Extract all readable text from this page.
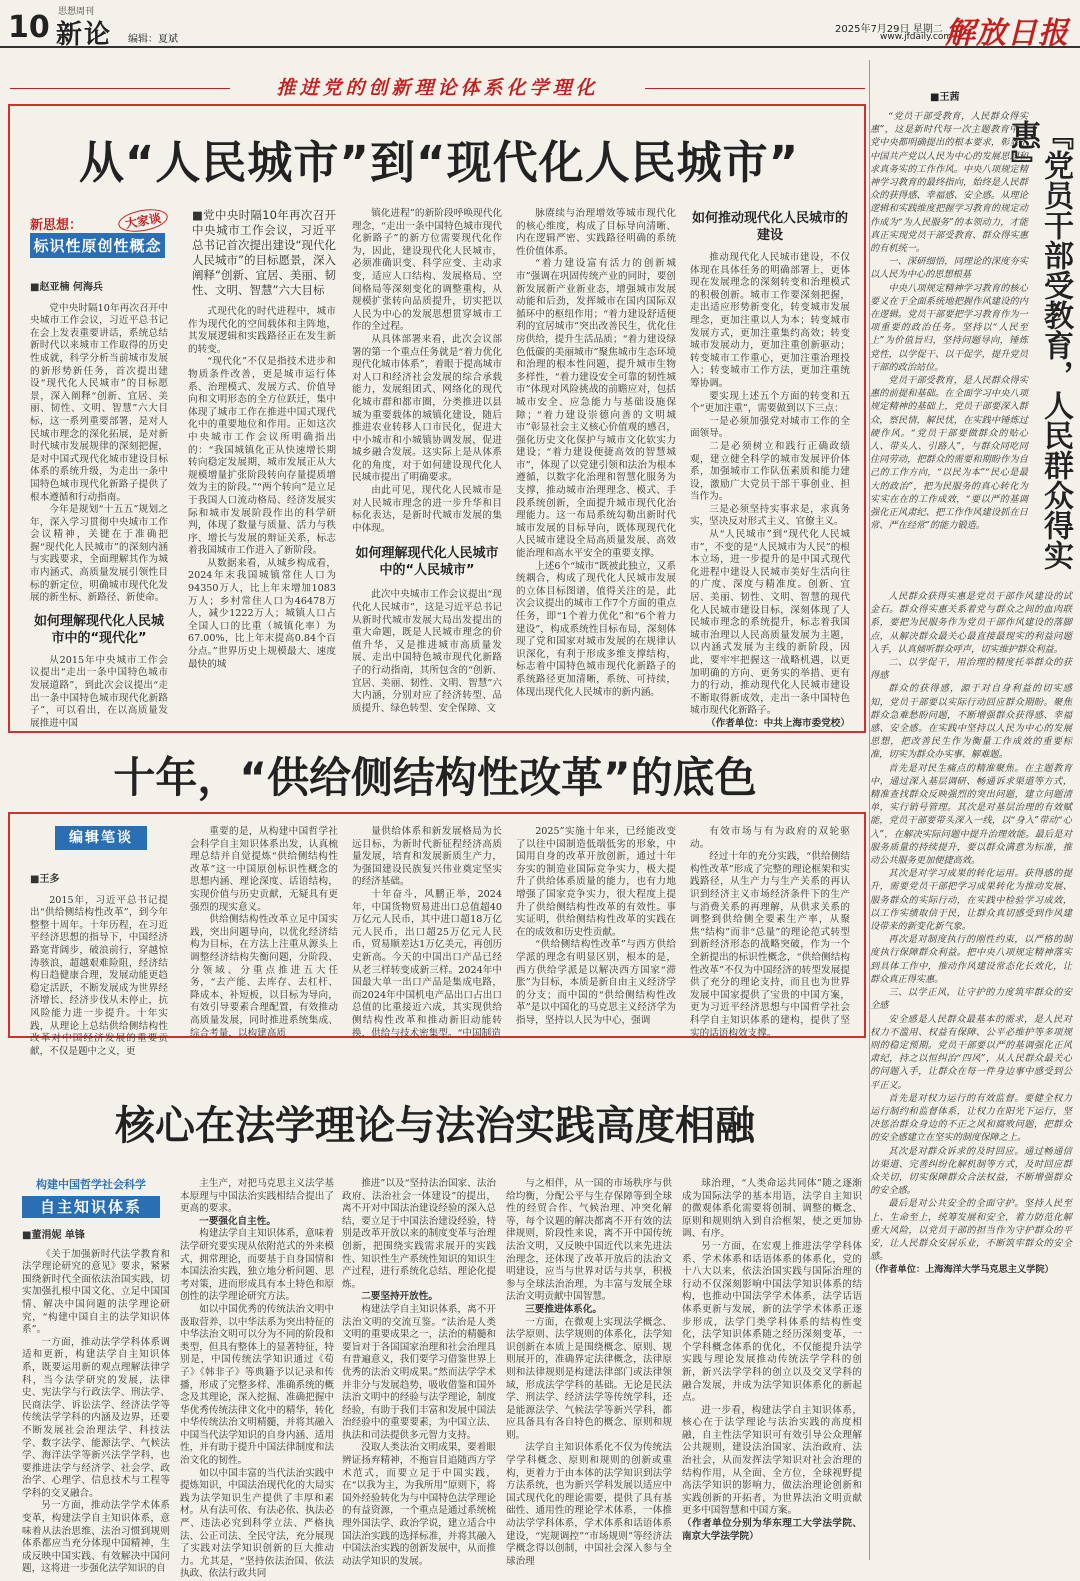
10 思想周刊
新论 编辑：夏斌
2025年7月29日 星期二
www.jfdaily.com
解放日报
推进党的创新理论体系化学理化
从“人民城市”到“现代化人民城市”
新思想：
标识性原创性概念
大家谈
■赵亚楠 何海兵

党中央时隔10年再次召开中央城市工作会议，习近平总书记在会上发表重要讲话，系统总结新时代以来城市工作取得的历史性成就，科学分析当前城市发展的新形势新任务，首次提出建设“现代化人民城市”的目标愿景，深入阐释“创新、宜居、美丽、韧性、文明、智慧”六大目标，这一系列重要部署，是对人民城市理念的深化拓展，是对新时代城市发展规律的深刻把握，是对中国式现代化城市建设目标体系的系统升级，为走出一条中国特色城市现代化新路子提供了根本遵循和行动指南。

今年是规划“十五五”规划之年，深入学习贯彻中央城市工作会议精神，关键在于准确把握“现代化人民城市”的深刻内涵与实践要求，全面理解其作为城市内涵式、高质量发展引领性目标的新定位，明确城市现代化发展的新坐标、新路径、新使命。

如何理解现代化人民城市中的“现代化”

从2015年中央城市工作会议提出“走出一条中国特色城市发展道路”，到此次会议提出“走出一条中国特色城市现代化新路子”，可以看出，在以高质量发展推进中国

■党中央时隔10年再次召开中央城市工作会议，习近平总书记首次提出建设“现代化人民城市”的目标愿景，深入阐释“创新、宜居、美丽、韧性、文明、智慧”六大目标

式现代化的时代进程中，城市作为现代化的空间载体和主阵地，其发展逻辑和实践路径正在发生新的转变。

“现代化”不仅是指技术进步和物质条件改善，更是城市运行体系、治理模式、发展方式、价值导向和文明形态的全方位跃迁，集中体现了城市工作在推进中国式现代化中的重要地位和作用。正如这次中央城市工作会议所明确指出的：“我国城镇化正从快速增长期转向稳定发展期，城市发展正从大规模增量扩张阶段转向存量提质增效为主的阶段。”“两个转向”是立足于我国人口流动格局、经济发展实际和城市发展阶段作出的科学研判，体现了数量与质量、活力与秩序、增长与发展的辩证关系，标志着我国城市工作进入了新阶段。

从数据来看，从城乡构成看，2024年末我国城镇常住人口为94350万人，比上年末增加1083万人；乡村常住人口为46478万人，减少1222万人；城镇人口占全国人口的比重（城镇化率）为67.00%，比上年末提高0.84个百分点。”世界历史上规模最大、速度最快的城

镇化进程”的新阶段呼唤现代化理念，“走出一条中国特色城市现代化新路子”的新方位需要现代化作为，因此，建设现代化人民城市，必须准确识变、科学应变、主动求变，适应人口结构、发展格局、空间格局等深刻变化的调整重构，从规模扩张转向品质提升，切实把以人民为中心的发展思想贯穿城市工作的全过程。

从具体部署来看，此次会议部署的第一个重点任务就是“着力优化现代化城市体系”，着眼于提高城市对人口和经济社会发展的综合承载能力，发展组团式、网络化的现代化城市群和都市圈，分类推进以县城为重要载体的城镇化建设，随后推进农业转移人口市民化，促进大中小城市和小城镇协调发展，促进城乡融合发展。这实际上是从体系化的角度，对于如何建设现代化人民城市提出了明确要求。

由此可见，现代化人民城市是对人民城市理念的进一步升华和目标化表达，是新时代城市发展的集中体现。

如何理解现代化人民城市中的“人民城市”

此次中央城市工作会议提出“现代化人民城市”，这是习近平总书记从新时代城市发展大局出发提出的重大命题，既是人民城市理念的价值升华，又是推进城市高质量发展、走出中国特色城市现代化新路子的行动指南，其所包含的“创新、宜居、美丽、韧性、文明、智慧”六大内涵，分别对应了经济转型、品质提升、绿色转型、安全保障、文

脉赓续与治理增效等城市现代化的核心维度，构成了目标导向清晰、内在逻辑严密、实践路径明确的系统性价值体系。

“着力建设富有活力的创新城市”强调在巩固传统产业的同时，要创新发展新产业新业态，增强城市发展动能和后劲，发挥城市在国内国际双循环中的枢纽作用；“着力建设舒适便利的宜居城市”突出改善民生，优化住房供给，提升生活品质；“着力建设绿色低碳的美丽城市”聚焦城市生态环境和治理的根本性问题，提升城市生物多样性，“着力建设安全可靠的韧性城市”体现对风险挑战的前瞻应对，包括城市安全、应急能力与基础设施保障；“着力建设崇德向善的文明城市”彰显社会主义核心价值观的感召，强化历史文化保护与城市文化软实力建设；“着力建设便捷高效的智慧城市”，体现了以党建引领和法治为根本遵循，以数字化治理和智慧化服务为支撑，推动城市治理理念、模式、手段系统创新，全面提升城市现代化治理能力。这一布局系统勾勒出新时代城市发展的目标导向，既体现现代化人民城市建设全局高质量发展、高效能治理和高水平安全的重要支撑。

上述6个“城市”既被此独立，又系统耦合，构成了现代化人民城市发展的立体目标图谱，值得关注的是，此次会议提出的城市工作7个方面的重点任务，即“1个着力优化”和“6个着力建设”，构成系统性目标布局，深刻体现了党和国家对城市发展的在规律认识深化，有利于形成多维支撑结构，标志着中国特色城市现代化新路子的系统路径更加清晰，系统、可持续，体现出现代化人民城市的新内涵。

如何推动现代化人民城市的建设

推动现代化人民城市建设，不仅体现在具体任务的明确部署上，更体现在发展理念的深刻转变和治理模式的积极创新。城市工作要深刻把握，走出适应形势新变化，转变城市发展理念，更加注重以人为本；转变城市发展方式，更加注重集约高效；转变城市发展动力，更加注重创新驱动；转变城市工作重心，更加注重治理投入；转变城市工作方法，更加注重统筹协调。

要实现上述五个方面的转变和五个“更加注重”，需要做到以下三点：

一是必须加强党对城市工作的全面领导。

二是必须树立和践行正确政绩观，建立健全科学的城市发展评价体系，加强城市工作队伍素质和能力建设，激励广大党员干部干事创业、担当作为。

三是必须坚持实事求是，求真务实，坚决反对形式主义、官僚主义。

从“人民城市”到“现代化人民城市”，不变的是“人民城市为人民”的根本立场，进一步提升的是中国式现代化进程中建设人民城市美好生活向往的广度、深度与精准度。创新、宜居、美丽、韧性、文明、智慧的现代化人民城市建设目标，深刻体现了人民城市理念的系统提升，标志着我国城市治理以人民高质量发展为主题，以内涵式发展为主线的新阶段，因此，要牢牢把握这一战略机遇，以更加明确的方向、更务实的举措、更有力的行动，推动现代化人民城市建设不断取得新成效，走出一条中国特色城市现代化新路子。

（作者单位：中共上海市委党校）
十年，“供给侧结构性改革”的底色
编辑笔谈
■王多

2015年，习近平总书记提出“供给侧结构性改革”，到今年整整十周年。十年历程，在习近平经济思想的指导下，中国经济路宽背阔步，破浪前行，穿越惊涛骇浪，超越艰难险阻，经济结构日趋健康合理，发展动能更趋稳定活跃，不断发展成为世界经济增长、经济步伐从未停止，抗风险能力进一步提升。十年实践，从理论上总结供给侧结构性改革对中国经济发展的重要贡献，不仅是题中之义，更

重要的是，从构建中国哲学社会科学自主知识体系出发，认真梳理总结并自觉提炼“供给侧结构性改革”这一中国原创标识性概念的思想内涵、理论深度、话语结构，实现价值与历史贡献，无疑具有更强烈的现实意义。

供给侧结构性改革立足中国实践，突出问题导向，以优化经济结构为目标，在方法上注重从源头上调整经济结构失衡问题，分阶段、分领域、分重点推进五大任务，“去产能、去库存、去杠杆、降成本、补短板，以目标为导向，有效引导要素合理配置，有效推动高质量发展，同时推进系统集成、综合考量，以构建高质

量供给体系和新发展格局为长远目标，为新时代新征程经济高质量发展，培育和发展新质生产力，为强国建设民族复兴伟业奠定坚实的经济基础。

十年奋斗，风鹏正举，2024年，中国货物贸易进出口总值超40万亿元人民币，其中进口超18万亿元人民币，出口超25万亿元人民币，贸易顺差达1万亿美元，再创历史新高。今天的中国出口产品已经从老三样转变成新三样。2024年中国最大单一出口产品是集成电路，而2024年中国机电产品出口占出口总值的比重接近六成，其实现供给侧结构性改革和推动新旧动能转换，供给与技术密集型。“中国制造

2025”实施十年来，已经能改变了以往中国制造低端低劣的形象，中国用自身的改革开放创新，通过十年夯实的制造业国际竞争实力，极大提升了供给体系质量的能力，也有力地增强了国家竞争实力，很大程度上提升了供给侧结构性改革的有效性。事实证明，供给侧结构性改革的实践在在的成效和历史性贡献。

“供给侧结构性改革”与西方供给学派的理念有明显区别，根本的是，西方供给学派是以解决西方国家“滞胀”为目标，本质是新自由主义经济学的分支；而中国的“供给侧结构性改革”是以中国化的马克思主义经济学为指导，坚持以人民为中心，强调

有效市场与有为政府的双轮驱动。

经过十年的充分实践，“供给侧结构性改革”形成了完整的理论框架和实践路径，从生产力与生产关系的再认识到经济主义市场经济条件下的生产与消费关系的再理解，从供求关系的调整到供给侧全要素生产率，从聚焦“结构”而非“总量”的理论范式转型到新经济形态的战略突破，作为一个全新提出的标识性概念，“供给侧结构性改革”不仅为中国经济的转型发展提供了充分的理论支持，而且也为世界发展中国家提供了宝贵的中国方案，更为习近平经济思想与中国哲学社会科学自主知识体系的建构，提供了坚实的话语构效支撑。

核心在法学理论与法治实践高度相融
构建中国哲学社会科学
自主知识体系
■董涓妮 单锋

《关于加强新时代法学教育和法学理论研究的意见》要求，紧紧围绕新时代全面依法治国实践，切实加强扎根中国文化、立足中国国情、解决中国问题的法学理论研究，“构建中国自主的法学知识体系”。

一方面，推动法学学科体系调适和更新，构建法学自主知识体系，既要运用新的观点理解法律学科，当今法学研究的发展，法律史、宪法学与行政法学、刑法学、民商法学、诉讼法学、经济法学等传统法学学科的内涵及边界，还要不断发展社会治理法学、科技法学、数字法学、能源法学、气候法学、海洋法学等新兴法学学科，也要推进法学与经济学、社会学、政治学、心理学、信息技术与工程等学科的交叉融合。

另一方面，推动法学学术体系变革，构建法学自主知识体系，意味着从法治思维、法治习惯到规则体系都应当充分体现中国精神，生成反映中国实践、有效解决中国问题，这将进一步强化法学知识的自

主生产，对把马克思主义法学基本原理与中国法治实践相结合提出了更高的要求。

一要强化自主性。

构建法学自主知识体系，意味着法学研究要实现从依附范式的外来模式，拥常理论，而要基于自身国情和本国法治实践，独立地分析问题、思考对策，进而形成具有本土特色和原创性的法学理论研究方法。

如以中国优秀的传统法治文明中汲取营养，以中华法系为突出特征的中华法治文明可以分为不同的阶段和类型，但具有整体上的显著特征，特别是，中国传统法学知识通过《荀子》《韩非子》等典籍予以记录和传播，形成了完整多样、准确系统的概念及其理论，深入挖掘、准确把握中华优秀传统法律文化中的精华，转化中华传统法治文明精髓，并将其融入中国当代法学知识的自身内涵、适用性，并有助于提升中国法律制度和法治文化的韧性。

如以中国丰富的当代法治实践中提炼知识，中国法治现代化的大局实践为法学知识生产提供了丰厚和素材。从有法可依、有法必依、执法必严、违法必究到科学立法、严格执法、公正司法、全民守法，充分展现了实践对法学知识创新的巨大推动力。尤其是，“坚持依法治国、依法执政、依法行政共同

推进”以及“坚持法治国家、法治政府、法治社会一体建设”的提出，离不开对中国法治建设经验的深入总结，要立足于中国法治建设经验，特别是改革开放以来的制度变革与治理创新，把围绕实践需求展开的实践性、知识性生产系统性知识的知识生产过程，进行系统化总结、理论化提炼。

二要坚持开放性。

构建法学自主知识体系，离不开法治文明的交流互鉴。“法治是人类文明的重要成果之一，法治的精髓和要旨对于各国国家治理和社会治理具有普遍意义，我们要学习借鉴世界上优秀的法治文明成果。”然而法学学术并非分与发展趋势，吸收借鉴和国外法治文明中的经验与法学理论，制度经验，有助于我们丰富和发展中国法治经验中的重要要素，为中国立法、执法和司法提供多元智力支持。

没取人类法治文明成果，要着眼辨证扬弃精神，不拖盲目追随西方学术范式，而要立足于中国实践，在“以我为主，为我所用”原则下，将国外经验转化为与中国特色法学理论的有益资源，一个重点是通过系统梳理外国法学、政治学说，建立适合中国法治实践的选择标准，并将其融入中国法治实践的创新发展中，从而推动法学知识的发展。

与之相伴，从一国的市场秩序与供给均衡，分配公平与生存保障等到全球性的经贸合作、气候治理、冲突化解等，每个议题的解决都离不开有效的法律规则，阶段性来说，离不开中国传统法治文明，又反映中国近代以来先进法治理念，还体现了改革开放后的法治文明建设，应当与世界对话与共享，积极参与全球法治治理，为丰富与发展全球法治文明贡献中国智慧。

三要推进体系化。

一方面，在微观上实现法学概念、法学原则、法学规则的体系化，法学知识创新在本质上是围绕概念、原则、规则展开的，准确界定法律概念，法律原则和法律规则是构建法律部门或法律领域，形成法学学科的基础。无论是民法学、刑法学、经济法学等传统学科，还是能源法学、气候法学等新兴学科，都应具备具有各自特色的概念、原则和规则。

法学自主知识体系化不仅为传统法学学科概念、原则和规则的创新或重构，更着力于由本体的法学知识到法学方法系统，也为新兴学科发展以适应中国式现代化的理论需要，提供了具有基础性、通用性的理论学术体系，一体推动法学学科体系，学术体系和话语体系建设，“宪规调控”“市场规则”等经济法学概念得以创制，中国社会深入参与全球治理

球治理，“人类命运共同体”随之逐渐成为国际法学的基本用语，法学自主知识的微观体系化需要将创制、调整的概念、原则和规则纳入到自洽框架，使之更加协调、有序。

另一方面，在宏观上推进法学学科体系、学术体系和话语体系的体系化，党的十八大以来，依法治国实践与国际治理的行动不仅深刻影响中国法学知识体系的结构，也推动中国法学学术体系，法学话语体系更新与发展，新的法学学术体系正逐步形成，法学门类学科体系的结构性变化，法学知识体系随之经历深刻变革，一个学科概念体系的优化，不仅能提升法学实践与理论发展推动传统法学学科的创新，新兴法学学科的创立以及交叉学科的融合发展，并成为法学知识体系化的新起点。

进一步看，构建法学自主知识体系，核心在于法学理论与法治实践的高度相融，自主性法学知识可有效引导公众理解公共规则，建设法治国家、法治政府、法治社会，从而发挥法学知识对社会治理的结构作用，从全面、全方位，全球视野提高法学知识的影响力，做法治理论创新和实践创新的开拓者，为世界法治文明贡献更多中国智慧和中国方案。

（作者单位分别为华东理工大学法学院、南京大学法学院）
■王茜
『党员干部受教育，人民群众得实惠』

“党员干部受教育，人民群众得实惠”，这是新时代每一次主题教育中，党中央都明确提出的根本要求，彰显了中国共产党以人民为中心的发展思想和求真务实的工作作风。中央八项规定精神学习教育的最终指向，始终是人民群众的获得感、幸福感、安全感。从理论逻辑和实践维度把握学习教育的规定动作成为“为人民服务”的本领动力，才能真正实现党员干部受教育、群众得实惠的有机统一。

一、深研细悟，同理论的深度夯实以人民为中心的思想根基

中央八项规定精神学习教育的核心要义在于全面系统地把握作风建设的内在逻辑。党员干部要把学习教育作为一项重要的政治任务。坚持以“人民至上”为价值旨归，坚持问题导向，锤炼党性，以学促干、以干促学，提升党员干部的政治站位。

党员干部受教育，是人民群众得实惠的前提和基础。在全面学习中央八项规定精神的基础上，党员干部要深入群众，察民情，解民忧，在实践中锤炼过硬作风。“党员干部要做群众的贴心人、带头人、引路人”，与群众同吃同住同劳动，把群众的需要和期盼作为自己的工作方向，“以民为本”“民心是最大的政治”，把为民服务的真心转化为实实在在的工作成效，“要以严的基调强化正风肃纪、把工作作风建设抓在日常、严在经常”的能力锻造。

人民群众获得实惠是党员干部作风建设的试金石。群众得实惠关系着党与群众之间的血肉联系，要把为民服务作为党员干部作风建设的落脚点，从解决群众最关心最直接最现实的利益问题入手，认真倾听群众呼声，切实维护群众利益。

二、以学促干，用治理的精度托举群众的获得感

群众的获得感，源于对自身利益的切实感知，党员干部要以实际行动回应群众期盼。聚焦群众急难愁盼问题，不断增强群众获得感、幸福感、安全感。在实践中坚持以人民为中心的发展思想，把改善民生作为衡量工作成效的重要标准，切实为群众办实事、解难题。

首先是对民生痛点的精准聚焦。在主题教育中，通过深入基层调研、畅通诉求渠道等方式，精准查找群众反映强烈的突出问题，建立问题清单，实行销号管理。其次是对基层治理的有效赋能，党员干部要带头深入一线，以“身入”带动“心入”，在解决实际问题中提升治理效能。最后是对服务质量的持续提升，要以群众满意为标准，推动公共服务更加便捷高效。

其次是对学习成果的转化运用。获得感的提升，需要党员干部把学习成果转化为推动发展、服务群众的实际行动，在实践中检验学习成效，以工作实绩取信于民，让群众真切感受到作风建设带来的新变化新气象。

再次是对制度执行的刚性约束，以严格的制度执行保障群众利益。把中央八项规定精神落实到具体工作中，推动作风建设常态化长效化，让群众真正得实惠。

三、以学正风，让守护的力度筑牢群众的安全感

安全感是人民群众最基本的需求，是人民对权力不滥用、权益有保障、公平必维护等多项规则的稳定预期。党员干部要以严的基调强化正风肃纪，持之以恒纠治“四风”，从人民群众最关心的问题入手，让群众在每一件身边事中感受到公平正义。

首先是对权力运行的有效监督。要健全权力运行制约和监督体系，让权力在阳光下运行，坚决惩治群众身边的不正之风和腐败问题，把群众的安全感建立在坚实的制度保障之上。

其次是对群众诉求的及时回应。通过畅通信访渠道、完善纠纷化解机制等方式，及时回应群众关切，切实保障群众合法权益，不断增强群众的安全感。

最后是对公共安全的全面守护。坚持人民至上、生命至上，统筹发展和安全，着力防范化解重大风险，以党员干部的担当作为守护群众的平安，让人民群众安居乐业，不断筑牢群众的安全感。

（作者单位：上海海洋大学马克思主义学院）
